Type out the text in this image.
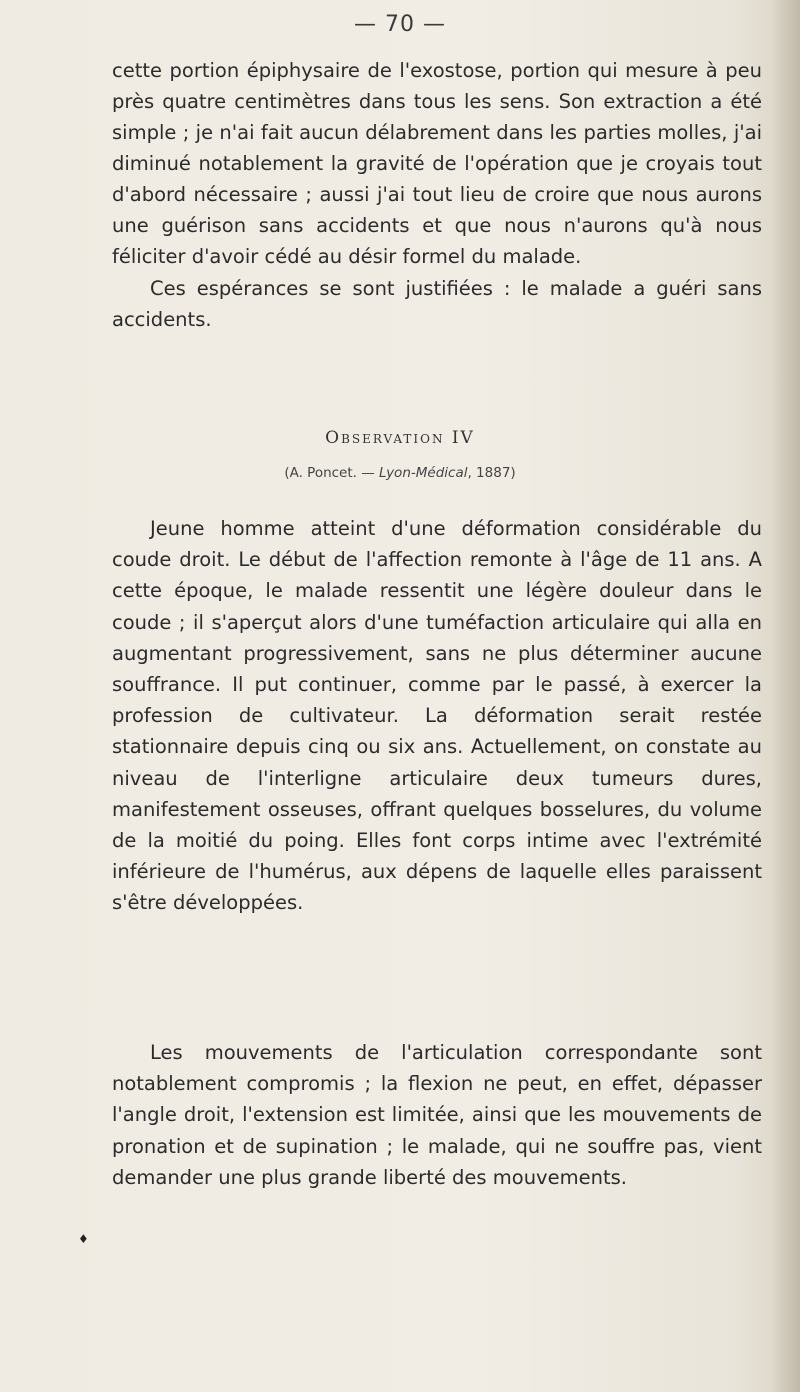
— 70 —

cette portion épiphysaire de l'exostose, portion qui mesure à peu près quatre centimètres dans tous les sens. Son extraction a été simple ; je n'ai fait aucun délabrement dans les parties molles, j'ai diminué notablement la gravité de l'opération que je croyais tout d'abord nécessaire ; aussi j'ai tout lieu de croire que nous aurons une guérison sans accidents et que nous n'aurons qu'à nous féliciter d'avoir cédé au désir formel du malade.

Ces espérances se sont justifiées : le malade a guéri sans accidents.

Observation IV
(A. Poncet. — Lyon-Médical, 1887)

Jeune homme atteint d'une déformation considérable du coude droit. Le début de l'affection remonte à l'âge de 11 ans. A cette époque, le malade ressentit une légère douleur dans le coude ; il s'aperçut alors d'une tuméfaction articulaire qui alla en augmentant progressivement, sans ne plus déterminer aucune souffrance. Il put continuer, comme par le passé, à exercer la profession de cultivateur. La déformation serait restée stationnaire depuis cinq ou six ans. Actuellement, on constate au niveau de l'interligne articulaire deux tumeurs dures, manifestement osseuses, offrant quelques bosselures, du volume de la moitié du poing. Elles font corps intime avec l'extrémité inférieure de l'humérus, aux dépens de laquelle elles paraissent s'être développées.

Les mouvements de l'articulation correspondante sont notablement compromis ; la flexion ne peut, en effet, dépasser l'angle droit, l'extension est limitée, ainsi que les mouvements de pronation et de supination ; le malade, qui ne souffre pas, vient demander une plus grande liberté des mouvements.

♦
